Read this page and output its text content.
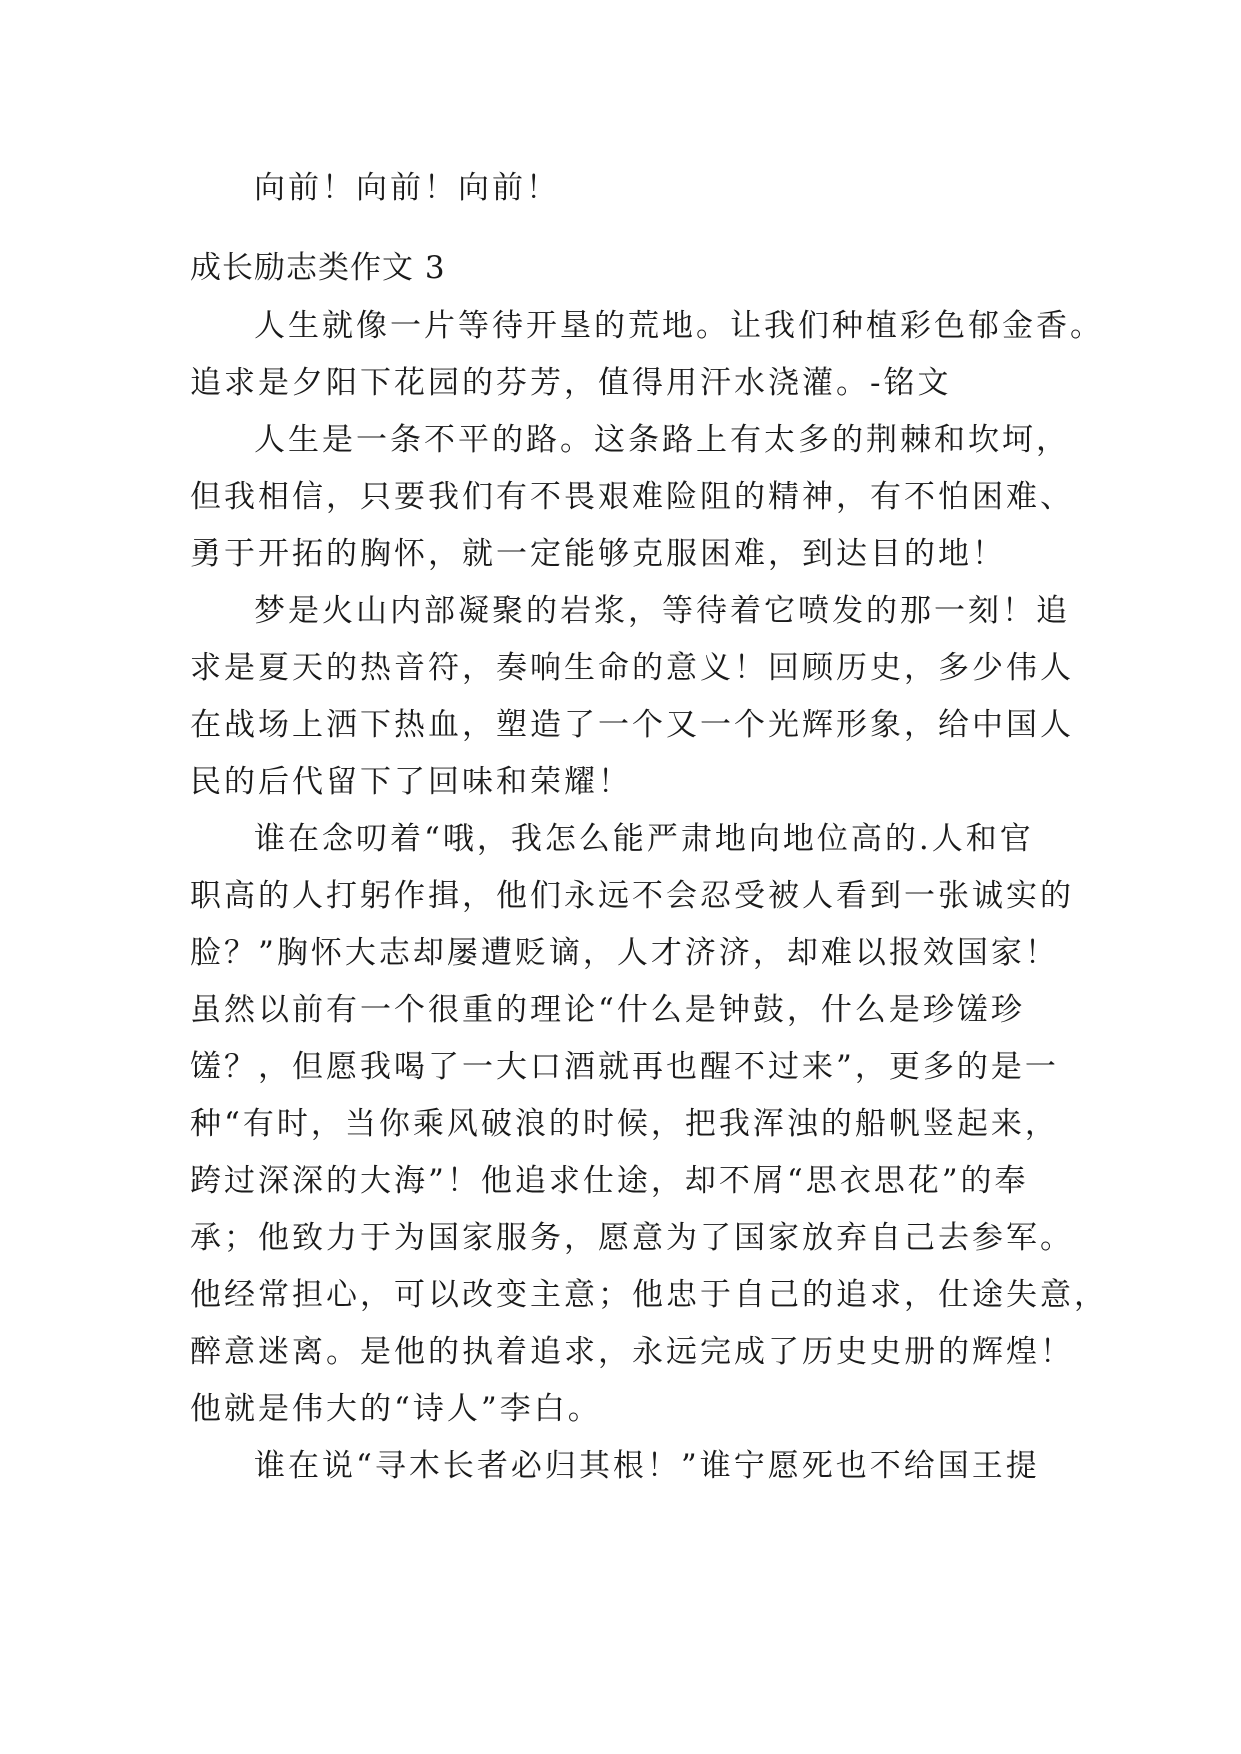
向前！向前！向前！
成长励志类作文 3
人生就像一片等待开垦的荒地。让我们种植彩色郁金香。
追求是夕阳下花园的芬芳，值得用汗水浇灌。-铭文
人生是一条不平的路。这条路上有太多的荆棘和坎坷，
但我相信，只要我们有不畏艰难险阻的精神，有不怕困难、
勇于开拓的胸怀，就一定能够克服困难，到达目的地！
梦是火山内部凝聚的岩浆，等待着它喷发的那一刻！追
求是夏天的热音符，奏响生命的意义！回顾历史，多少伟人
在战场上洒下热血，塑造了一个又一个光辉形象，给中国人
民的后代留下了回味和荣耀！
谁在念叨着“哦，我怎么能严肃地向地位高的.人和官
职高的人打躬作揖，他们永远不会忍受被人看到一张诚实的
脸？”胸怀大志却屡遭贬谪，人才济济，却难以报效国家！
虽然以前有一个很重的理论“什么是钟鼓，什么是珍馐珍
馐？，但愿我喝了一大口酒就再也醒不过来”，更多的是一
种“有时，当你乘风破浪的时候，把我浑浊的船帆竖起来，
跨过深深的大海”！他追求仕途，却不屑“思衣思花”的奉
承；他致力于为国家服务，愿意为了国家放弃自己去参军。
他经常担心，可以改变主意；他忠于自己的追求，仕途失意，
醉意迷离。是他的执着追求，永远完成了历史史册的辉煌！
他就是伟大的“诗人”李白。
谁在说“寻木长者必归其根！”谁宁愿死也不给国王提
